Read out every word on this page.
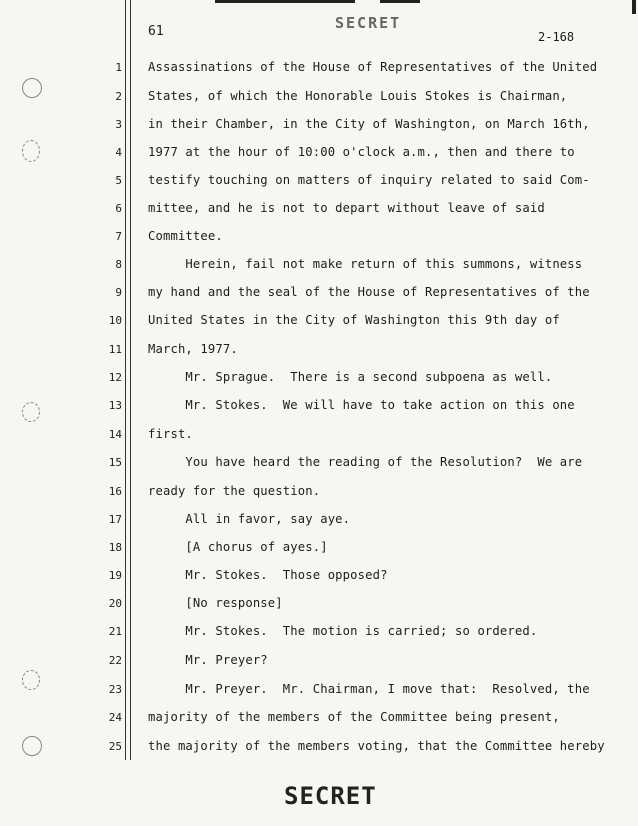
61	SECRET
2-168
1 Assassinations of the House of Representatives of the United
2 States, of which the Honorable Louis Stokes is Chairman,
3 in their Chamber, in the City of Washington, on March 16th,
4 1977 at the hour of 10:00 o'clock a.m., then and there to
5 testify touching on matters of inquiry related to said Com-
6 mittee, and he is not to depart without leave of said
7 Committee.
8 Herein, fail not make return of this summons, witness
9 my hand and the seal of the House of Representatives of the
10 United States in the City of Washington this 9th day of
11 March, 1977.
12 Mr. Sprague.  There is a second subpoena as well.
13 Mr. Stokes.  We will have to take action on this one
14 first.
15 You have heard the reading of the Resolution?  We are
16 ready for the question.
17 All in favor, say aye.
18 [A chorus of ayes.]
19 Mr. Stokes.  Those opposed?
20 [No response]
21 Mr. Stokes.  The motion is carried; so ordered.
22 Mr. Preyer?
23 Mr. Preyer.  Mr. Chairman, I move that:  Resolved, the
24 majority of the members of the Committee being present,
25 the majority of the members voting, that the Committee hereby
SECRET
